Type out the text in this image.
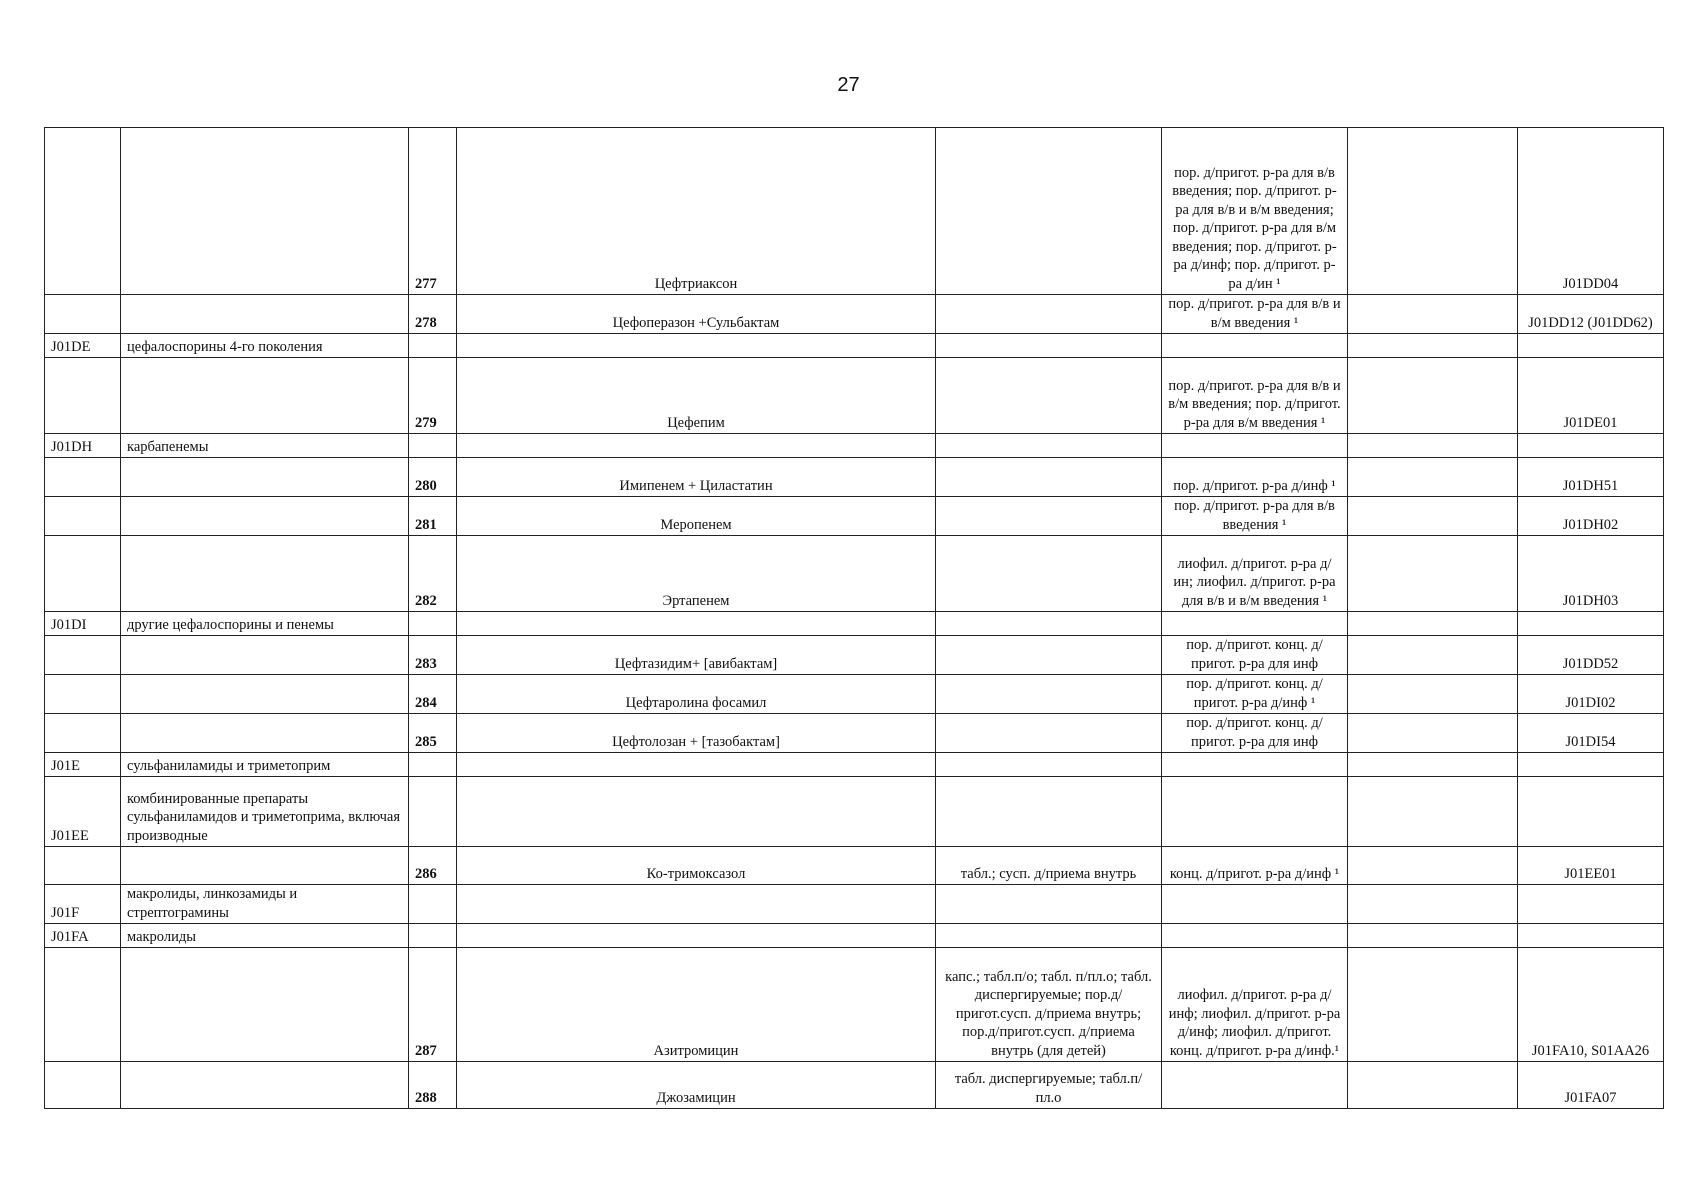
27
		277	Цефтриаксон		пор. д/пригот. р-ра для в/в введения; пор. д/пригот. р-ра для в/в и в/м введения; пор. д/пригот. р-ра для в/м введения; пор. д/пригот. р-ра д/инф; пор. д/пригот. р-ра д/ин ¹		J01DD04
		278	Цефоперазон +Сульбактам		пор. д/пригот. р-ра для в/в и в/м введения ¹		J01DD12 (J01DD62)
J01DE	цефалоспорины 4-го поколения						
		279	Цефепим		пор. д/пригот. р-ра для в/в и в/м введения; пор. д/пригот. р-ра для в/м введения ¹		J01DE01
J01DH	карбапенемы						
		280	Имипенем + Циластатин		пор. д/пригот. р-ра д/инф ¹		J01DH51
		281	Меропенем		пор. д/пригот. р-ра для в/в введения ¹		J01DH02
		282	Эртапенем		лиофил. д/пригот. р-ра д/ин; лиофил. д/пригот. р-ра для в/в и в/м введения ¹		J01DH03
J01DI	другие цефалоспорины и пенемы						
		283	Цефтазидим+ [авибактам]		пор. д/пригот. конц. д/пригот. р-ра для инф		J01DD52
		284	Цефтаролина фосамил		пор. д/пригот. конц. д/пригот. р-ра д/инф ¹		J01DI02
		285	Цефтолозан + [тазобактам]		пор. д/пригот. конц. д/пригот. р-ра для инф		J01DI54
J01E	сульфаниламиды и триметоприм						
J01EE	комбинированные препараты сульфаниламидов и триметоприма, включая производные						
		286	Ко-тримоксазол	табл.; сусп. д/приема внутрь	конц. д/пригот. р-ра д/инф ¹		J01EE01
J01F	макролиды, линкозамиды и стрептограмины						
J01FA	макролиды						
		287	Азитромицин	капс.; табл.п/о; табл. п/пл.о; табл. диспергируемые; пор.д/пригот.сусп. д/приема внутрь; пор.д/пригот.сусп. д/приема внутрь (для детей)	лиофил. д/пригот. р-ра д/инф; лиофил. д/пригот. р-ра д/инф; лиофил. д/пригот. конц. д/пригот. р-ра д/инф.¹		J01FA10, S01AA26
		288	Джозамицин	табл. диспергируемые; табл.п/пл.о			J01FA07
